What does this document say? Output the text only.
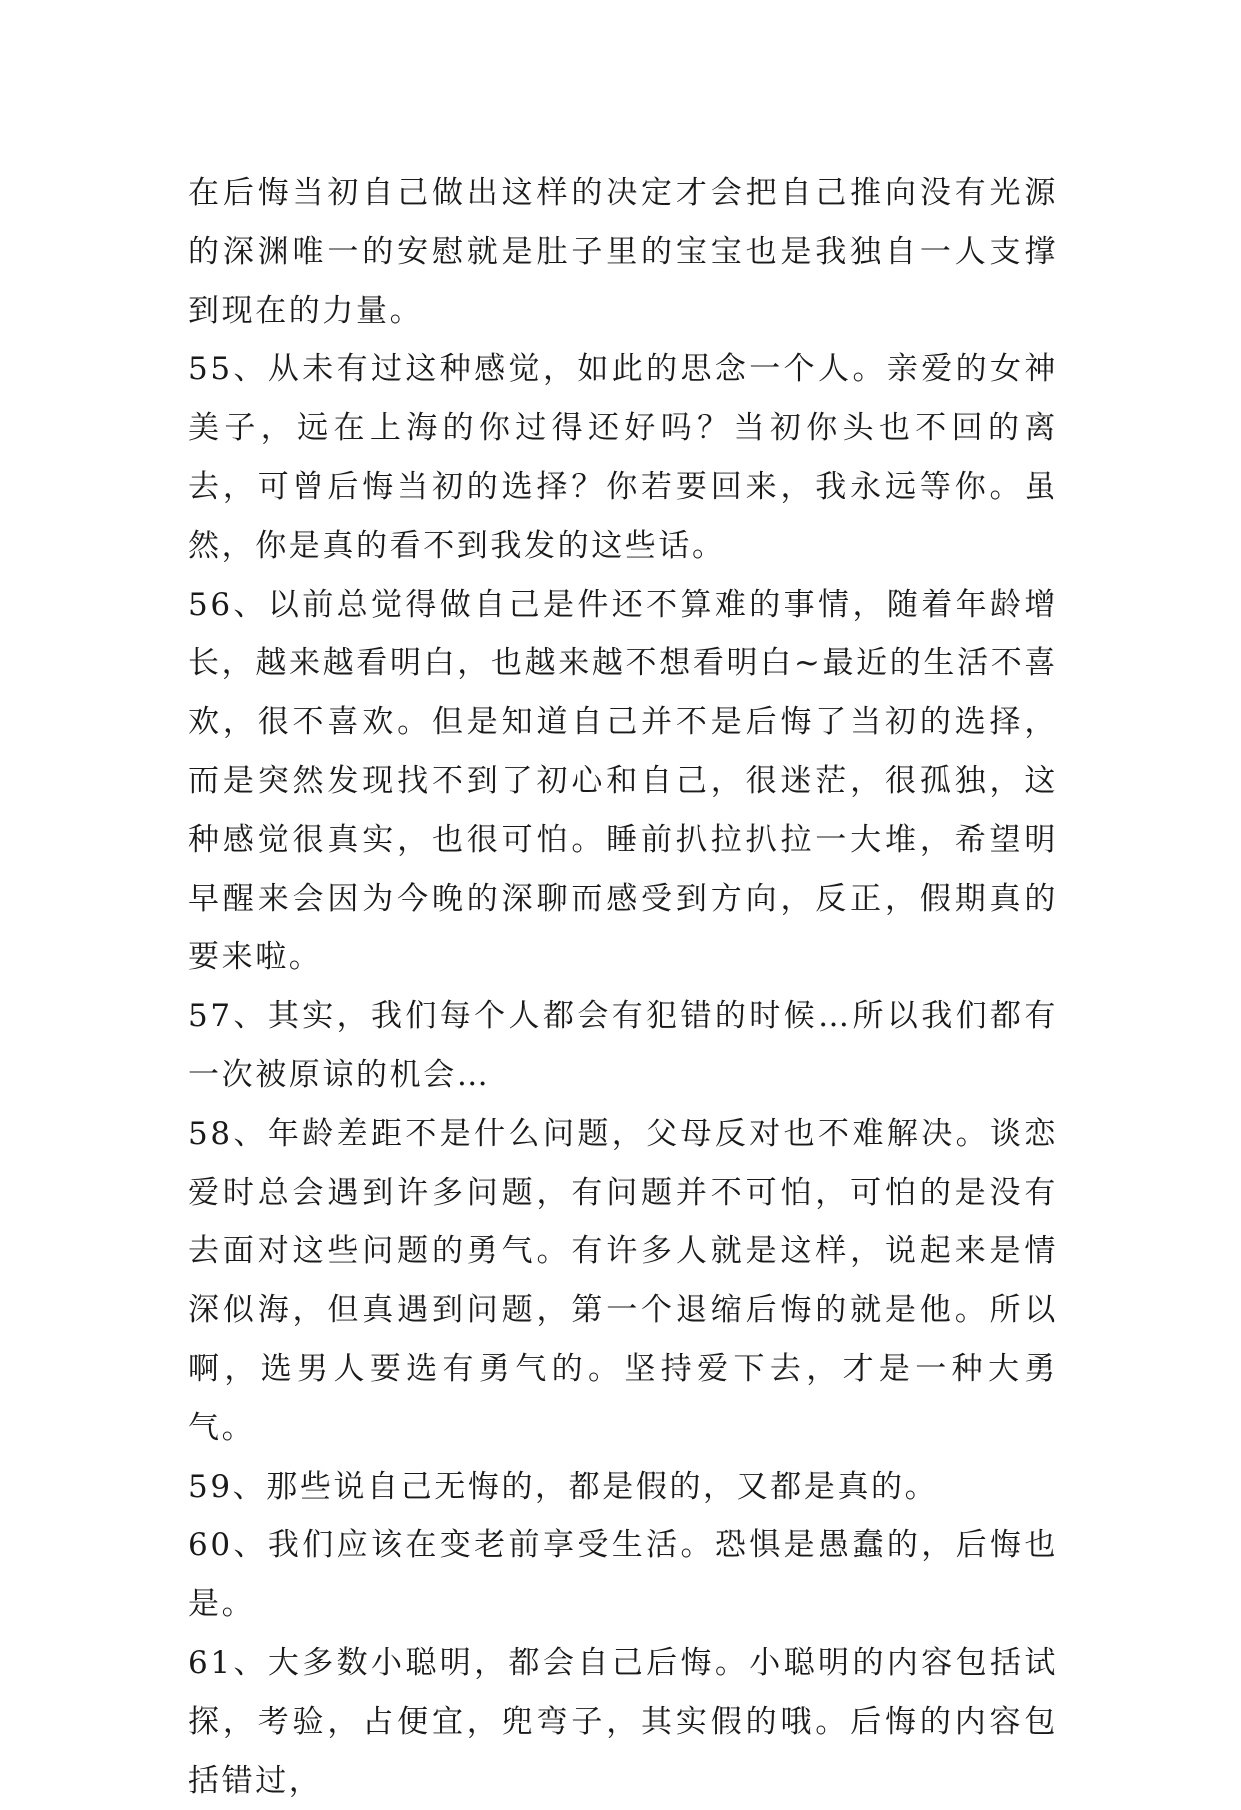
在后悔当初自己做出这样的决定才会把自己推向没有光源的深渊唯一的安慰就是肚子里的宝宝也是我独自一人支撑到现在的力量。

55、从未有过这种感觉，如此的思念一个人。亲爱的女神美子，远在上海的你过得还好吗？当初你头也不回的离去，可曾后悔当初的选择？你若要回来，我永远等你。虽然，你是真的看不到我发的这些话。

56、以前总觉得做自己是件还不算难的事情，随着年龄增长，越来越看明白，也越来越不想看明白~最近的生活不喜欢，很不喜欢。但是知道自己并不是后悔了当初的选择，而是突然发现找不到了初心和自己，很迷茫，很孤独，这种感觉很真实，也很可怕。睡前扒拉扒拉一大堆，希望明早醒来会因为今晚的深聊而感受到方向，反正，假期真的要来啦。

57、其实，我们每个人都会有犯错的时候…所以我们都有一次被原谅的机会…

58、年龄差距不是什么问题，父母反对也不难解决。谈恋爱时总会遇到许多问题，有问题并不可怕，可怕的是没有去面对这些问题的勇气。有许多人就是这样，说起来是情深似海，但真遇到问题，第一个退缩后悔的就是他。所以啊，选男人要选有勇气的。坚持爱下去，才是一种大勇气。

59、那些说自己无悔的，都是假的，又都是真的。

60、我们应该在变老前享受生活。恐惧是愚蠢的，后悔也是。

61、大多数小聪明，都会自己后悔。小聪明的内容包括试探，考验，占便宜，兜弯子，其实假的哦。后悔的内容包括错过，
